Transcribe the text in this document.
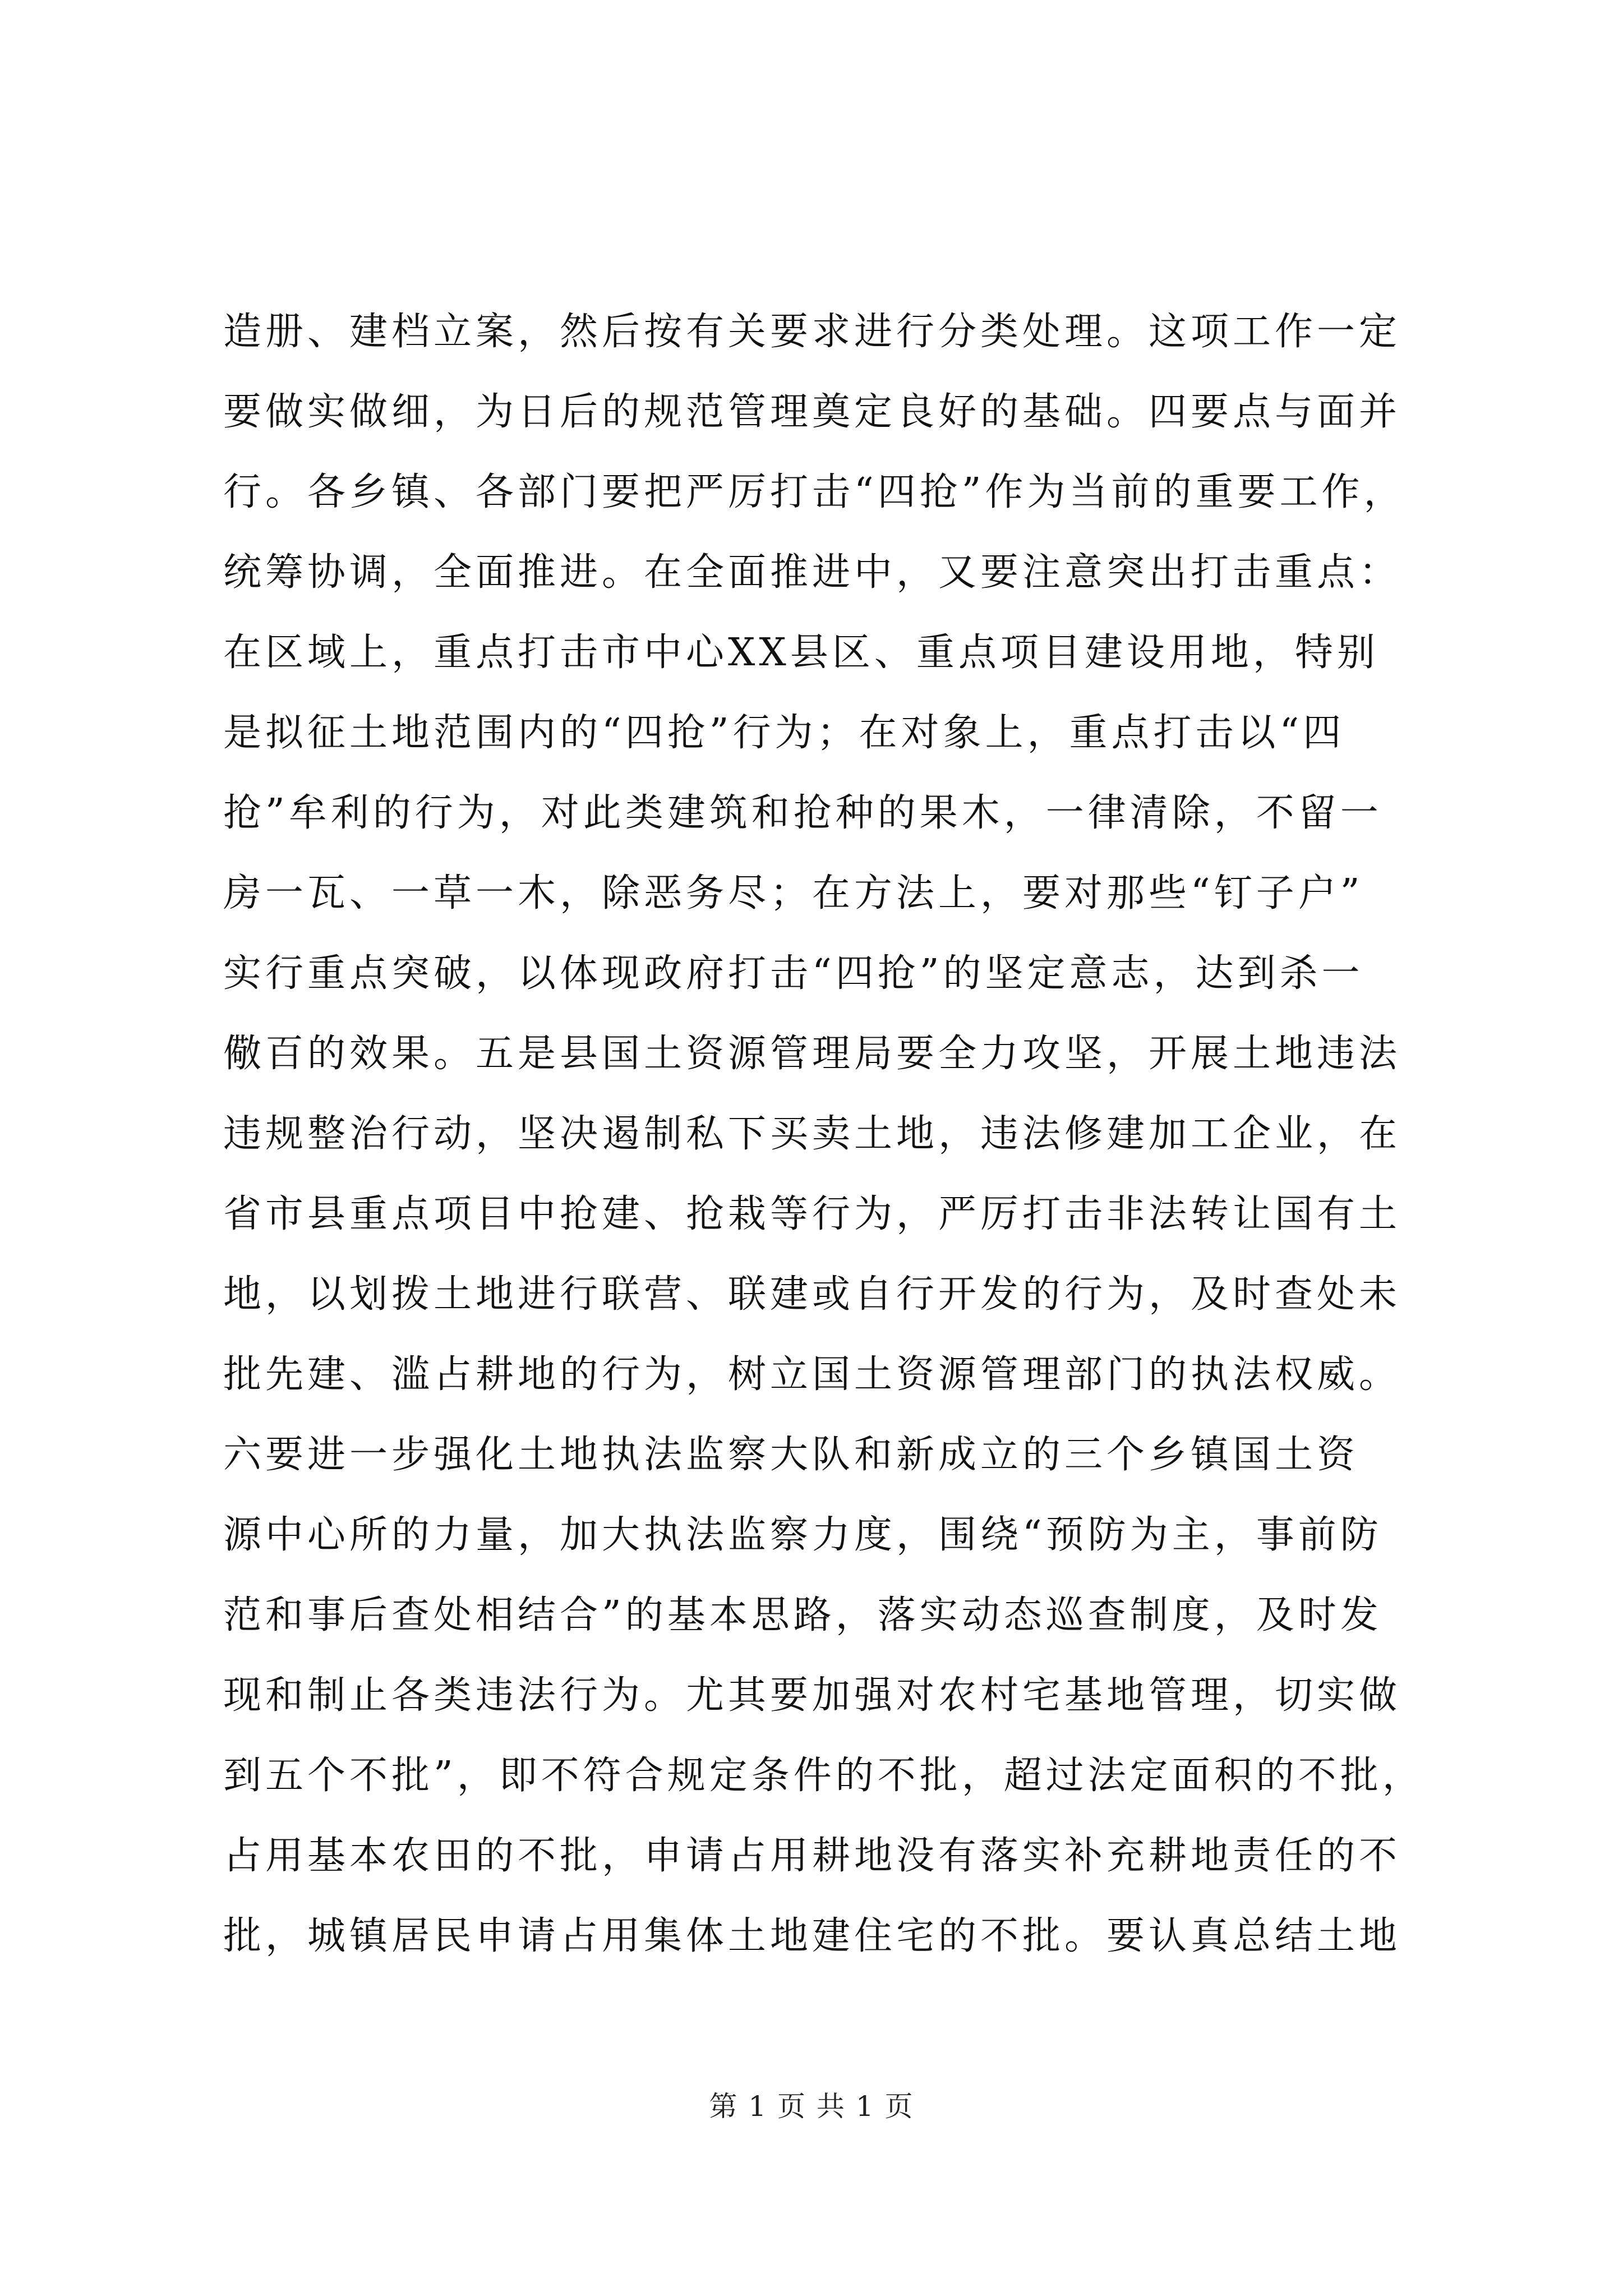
造册、建档立案，然后按有关要求进行分类处理。这项工作一定
要做实做细，为日后的规范管理奠定良好的基础。四要点与面并
行。各乡镇、各部门要把严厉打击“四抢”作为当前的重要工作，
统筹协调，全面推进。在全面推进中，又要注意突出打击重点：
在区域上，重点打击市中心XX县区、重点项目建设用地，特别
是拟征土地范围内的“四抢”行为；在对象上，重点打击以“四
抢”牟利的行为，对此类建筑和抢种的果木，一律清除，不留一
房一瓦、一草一木，除恶务尽；在方法上，要对那些“钉子户”
实行重点突破，以体现政府打击“四抢”的坚定意志，达到杀一
儆百的效果。五是县国土资源管理局要全力攻坚，开展土地违法
违规整治行动，坚决遏制私下买卖土地，违法修建加工企业，在
省市县重点项目中抢建、抢栽等行为，严厉打击非法转让国有土
地，以划拨土地进行联营、联建或自行开发的行为，及时查处未
批先建、滥占耕地的行为，树立国土资源管理部门的执法权威。
六要进一步强化土地执法监察大队和新成立的三个乡镇国土资
源中心所的力量，加大执法监察力度，围绕“预防为主，事前防
范和事后查处相结合”的基本思路，落实动态巡查制度，及时发
现和制止各类违法行为。尤其要加强对农村宅基地管理，切实做
到五个不批”，即不符合规定条件的不批，超过法定面积的不批，
占用基本农田的不批，申请占用耕地没有落实补充耕地责任的不
批，城镇居民申请占用集体土地建住宅的不批。要认真总结土地
第 1 页 共 1 页
